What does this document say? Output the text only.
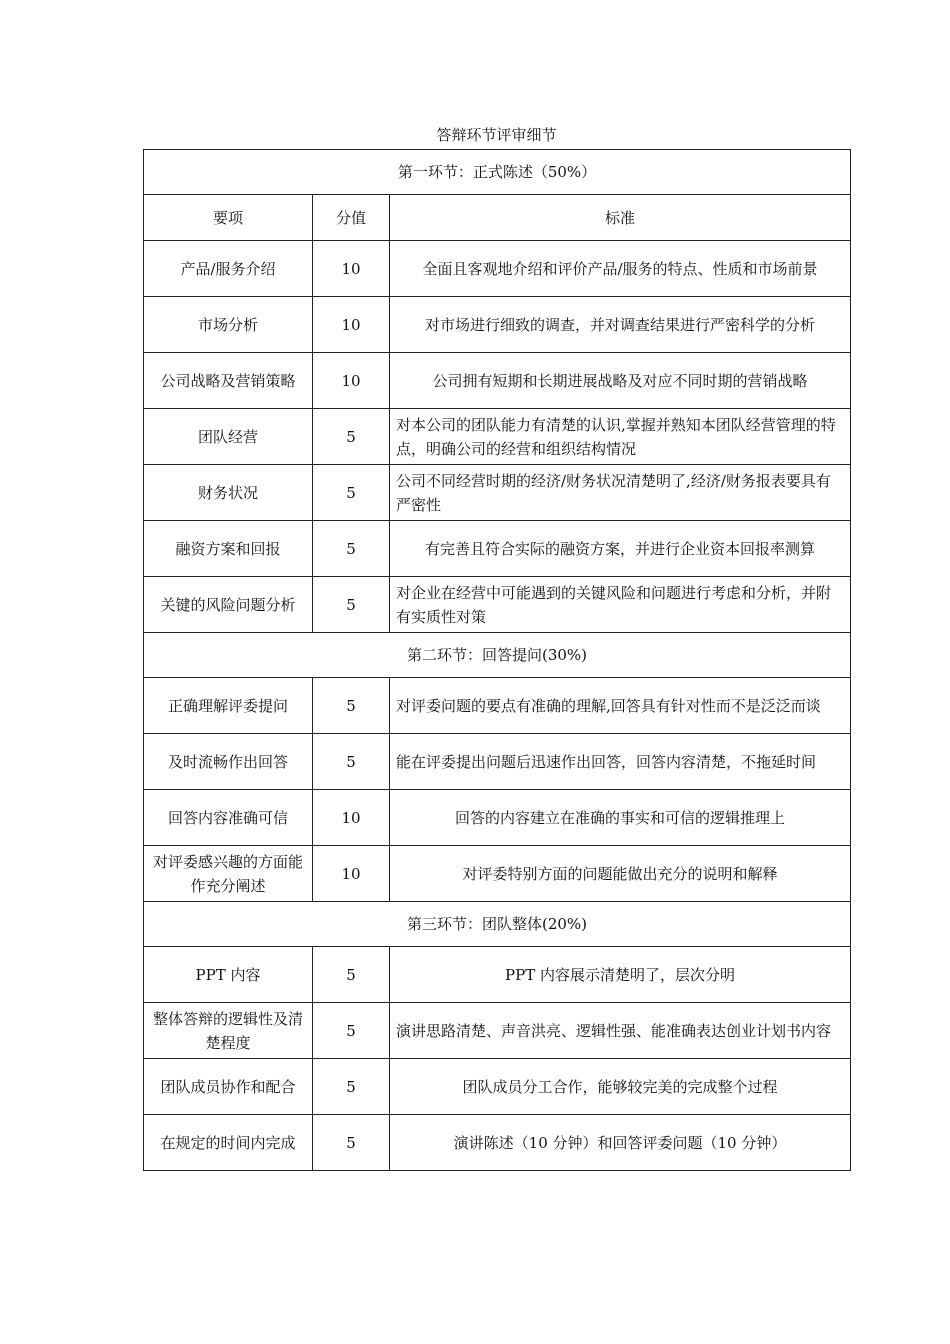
答辩环节评审细节
第一环节：正式陈述（50%）		
要项	分值	标准
产品/服务介绍	10	全面且客观地介绍和评价产品/服务的特点、性质和市场前景
市场分析	10	对市场进行细致的调查，并对调查结果进行严密科学的分析
公司战略及营销策略	10	公司拥有短期和长期进展战略及对应不同时期的营销战略
团队经营	5	对本公司的团队能力有清楚的认识,掌握并熟知本团队经营管理的特点，明确公司的经营和组织结构情况
财务状况	5	公司不同经营时期的经济/财务状况清楚明了,经济/财务报表要具有严密性
融资方案和回报	5	有完善且符合实际的融资方案，并进行企业资本回报率测算
关键的风险问题分析	5	对企业在经营中可能遇到的关键风险和问题进行考虑和分析，并附有实质性对策
第二环节：回答提问(30%)		
正确理解评委提问	5	对评委问题的要点有准确的理解,回答具有针对性而不是泛泛而谈
及时流畅作出回答	5	能在评委提出问题后迅速作出回答，回答内容清楚，不拖延时间
回答内容准确可信	10	回答的内容建立在准确的事实和可信的逻辑推理上
对评委感兴趣的方面能作充分阐述	10	对评委特别方面的问题能做出充分的说明和解释
第三环节：团队整体(20%)		
PPT 内容	5	PPT 内容展示清楚明了，层次分明
整体答辩的逻辑性及清楚程度	5	演讲思路清楚、声音洪亮、逻辑性强、能准确表达创业计划书内容
团队成员协作和配合	5	团队成员分工合作，能够较完美的完成整个过程
在规定的时间内完成	5	演讲陈述（10 分钟）和回答评委问题（10 分钟）
